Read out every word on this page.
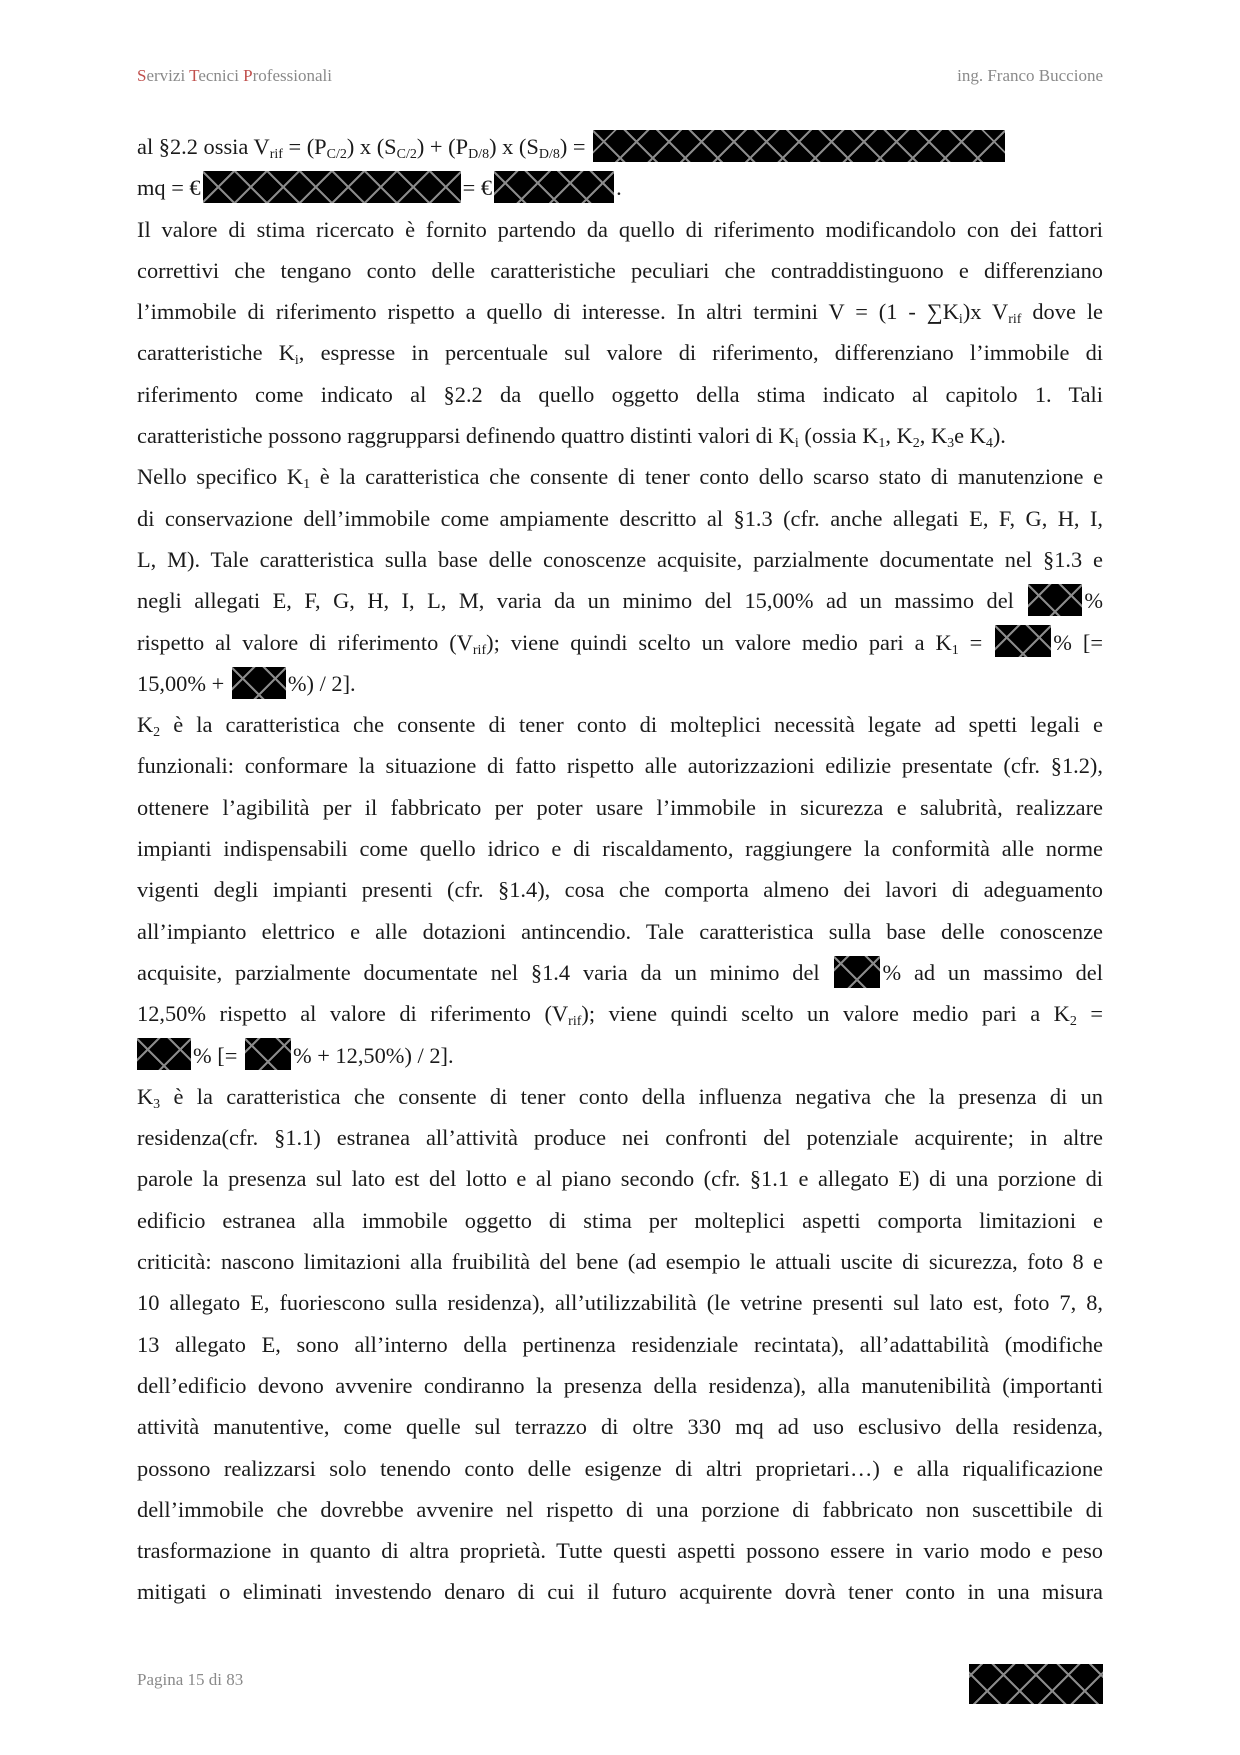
Servizi Tecnici Professionali	ing. Franco Buccione
al §2.2 ossia $V_{rif} = (P_{C/2})$ x $(S_{C/2}) + (P_{D/8})$ x $(S_{D/8})$ =
mq = €	= €	.

Il valore di stima ricercato è fornito partendo da quello di riferimento modificandolo con dei fattori
correttivi che tengano conto delle caratteristiche peculiari che contraddistinguono e differenziano
l’immobile di riferimento rispetto a quello di interesse. In altri termini $V = (1 - \sum K_i)x$ $V_{rif}$ dove le
caratteristiche $K_i$, espresse in percentuale sul valore di riferimento, differenziano l’immobile di
riferimento come indicato al §2.2 da quello oggetto della stima indicato al capitolo 1. Tali
caratteristiche possono raggrupparsi definendo quattro distinti valori di $K_i$ (ossia $K_1$, $K_2$, $K_3e$ $K_4$).

Nello specifico $K_1$ è la caratteristica che consente di tener conto dello scarso stato di manutenzione e
di conservazione dell’immobile come ampiamente descritto al §1.3 (cfr. anche allegati E, F, G, H, I,
L, M). Tale caratteristica sulla base delle conoscenze acquisite, parzialmente documentate nel §1.3 e
negli allegati E, F, G, H, I, L, M, varia da un minimo del 15,00% ad un massimo del	%
rispetto al valore di riferimento $(V_{rif})$; viene quindi scelto un valore medio pari a $K_1$ =	% [=
15,00% +	%) / 2].

$K_2$ è la caratteristica che consente di tener conto di molteplici necessità legate ad spetti legali e
funzionali: conformare la situazione di fatto rispetto alle autorizzazioni edilizie presentate (cfr. §1.2),
ottenere l’agibilità per il fabbricato per poter usare l’immobile in sicurezza e salubrità, realizzare
impianti indispensabili come quello idrico e di riscaldamento, raggiungere la conformità alle norme
vigenti degli impianti presenti (cfr. §1.4), cosa che comporta almeno dei lavori di adeguamento
all’impianto elettrico e alle dotazioni antincendio. Tale caratteristica sulla base delle conoscenze
acquisite, parzialmente documentate nel §1.4 varia da un minimo del	% ad un massimo del
12,50% rispetto al valore di riferimento $(V_{rif})$; viene quindi scelto un valore medio pari a $K_2$ =
% [= % + 12,50%) / 2].

$K_3$ è la caratteristica che consente di tener conto della influenza negativa che la presenza di un
residenza(cfr. §1.1) estranea all’attività produce nei confronti del potenziale acquirente; in altre
parole la presenza sul lato est del lotto e al piano secondo (cfr. §1.1 e allegato E) di una porzione di
edificio estranea alla immobile oggetto di stima per molteplici aspetti comporta limitazioni e
criticità: nascono limitazioni alla fruibilità del bene (ad esempio le attuali uscite di sicurezza, foto 8 e
10 allegato E, fuoriescono sulla residenza), all’utilizzabilità (le vetrine presenti sul lato est, foto 7, 8,
13 allegato E, sono all’interno della pertinenza residenziale recintata), all’adattabilità (modifiche
dell’edificio devono avvenire condiranno la presenza della residenza), alla manutenibilità (importanti
attività manutentive, come quelle sul terrazzo di oltre 330 mq ad uso esclusivo della residenza,
possono realizzarsi solo tenendo conto delle esigenze di altri proprietari…) e alla riqualificazione
dell’immobile che dovrebbe avvenire nel rispetto di una porzione di fabbricato non suscettibile di
trasformazione in quanto di altra proprietà. Tutte questi aspetti possono essere in vario modo e peso
mitigati o eliminati investendo denaro di cui il futuro acquirente dovrà tener conto in una misura

Pagina 15 di 83
